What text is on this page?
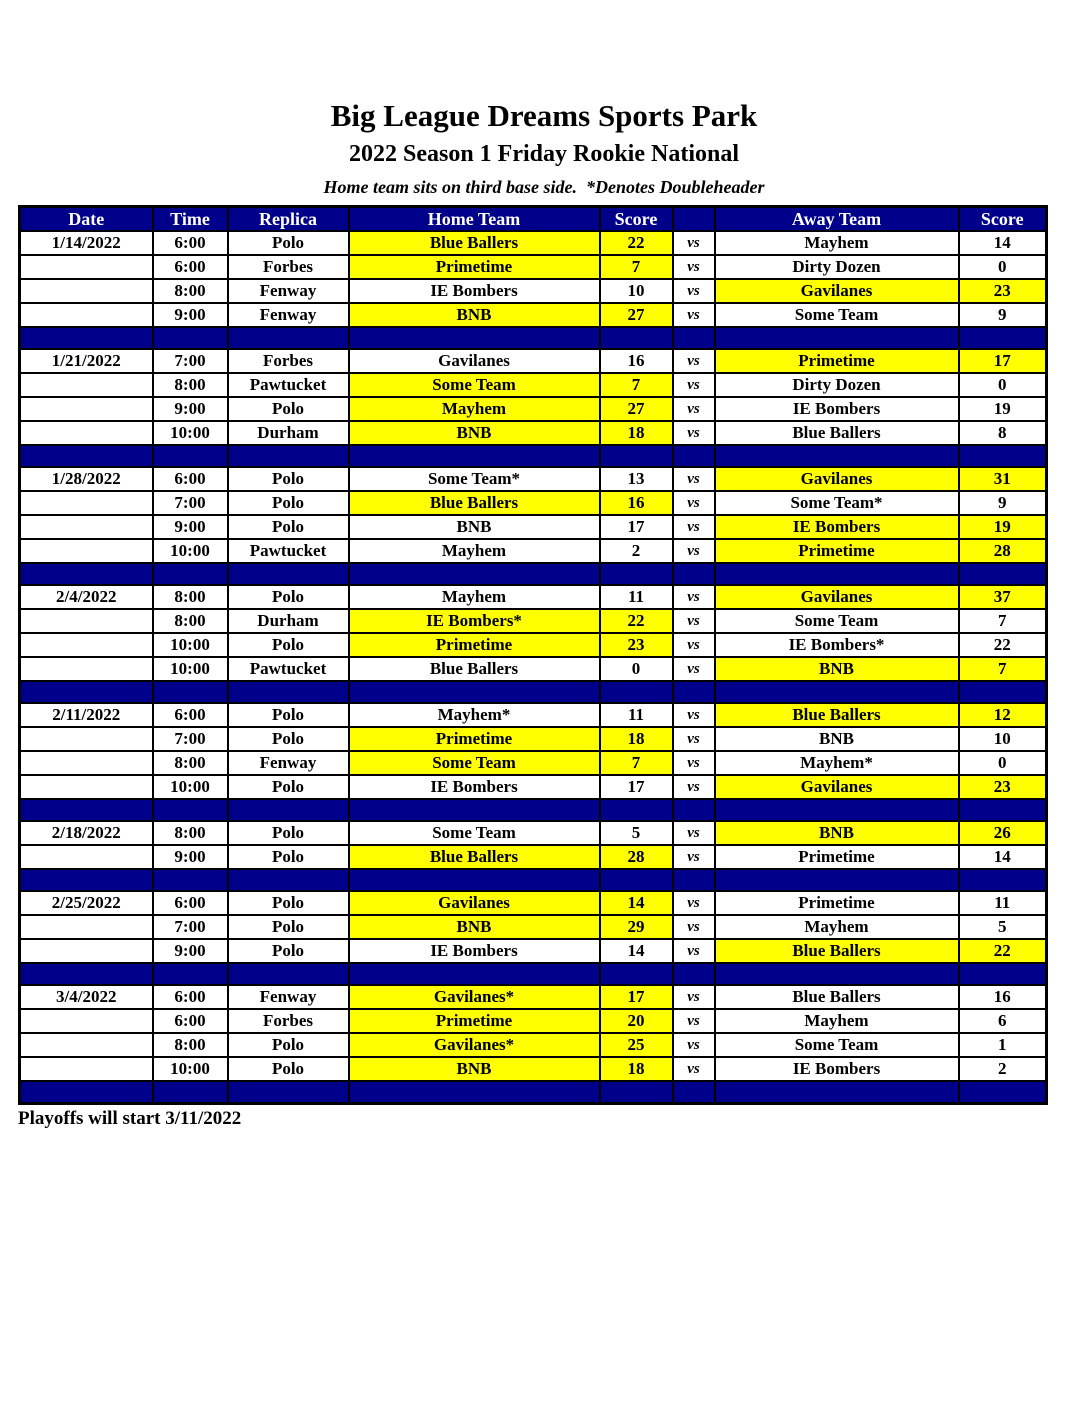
Big League Dreams Sports Park
2022 Season 1 Friday Rookie National
Home team sits on third base side.  *Denotes Doubleheader
Date	Time	Replica	Home Team	Score		Away Team	Score
1/14/2022	6:00	Polo	Blue Ballers	22	vs	Mayhem	14
	6:00	Forbes	Primetime	7	vs	Dirty Dozen	0
	8:00	Fenway	IE Bombers	10	vs	Gavilanes	23
	9:00	Fenway	BNB	27	vs	Some Team	9

1/21/2022	7:00	Forbes	Gavilanes	16	vs	Primetime	17
	8:00	Pawtucket	Some Team	7	vs	Dirty Dozen	0
	9:00	Polo	Mayhem	27	vs	IE Bombers	19
	10:00	Durham	BNB	18	vs	Blue Ballers	8

1/28/2022	6:00	Polo	Some Team*	13	vs	Gavilanes	31
	7:00	Polo	Blue Ballers	16	vs	Some Team*	9
	9:00	Polo	BNB	17	vs	IE Bombers	19
	10:00	Pawtucket	Mayhem	2	vs	Primetime	28

2/4/2022	8:00	Polo	Mayhem	11	vs	Gavilanes	37
	8:00	Durham	IE Bombers*	22	vs	Some Team	7
	10:00	Polo	Primetime	23	vs	IE Bombers*	22
	10:00	Pawtucket	Blue Ballers	0	vs	BNB	7

2/11/2022	6:00	Polo	Mayhem*	11	vs	Blue Ballers	12
	7:00	Polo	Primetime	18	vs	BNB	10
	8:00	Fenway	Some Team	7	vs	Mayhem*	0
	10:00	Polo	IE Bombers	17	vs	Gavilanes	23

2/18/2022	8:00	Polo	Some Team	5	vs	BNB	26
	9:00	Polo	Blue Ballers	28	vs	Primetime	14

2/25/2022	6:00	Polo	Gavilanes	14	vs	Primetime	11
	7:00	Polo	BNB	29	vs	Mayhem	5
	9:00	Polo	IE Bombers	14	vs	Blue Ballers	22

3/4/2022	6:00	Fenway	Gavilanes*	17	vs	Blue Ballers	16
	6:00	Forbes	Primetime	20	vs	Mayhem	6
	8:00	Polo	Gavilanes*	25	vs	Some Team	1
	10:00	Polo	BNB	18	vs	IE Bombers	2

Playoffs will start 3/11/2022
